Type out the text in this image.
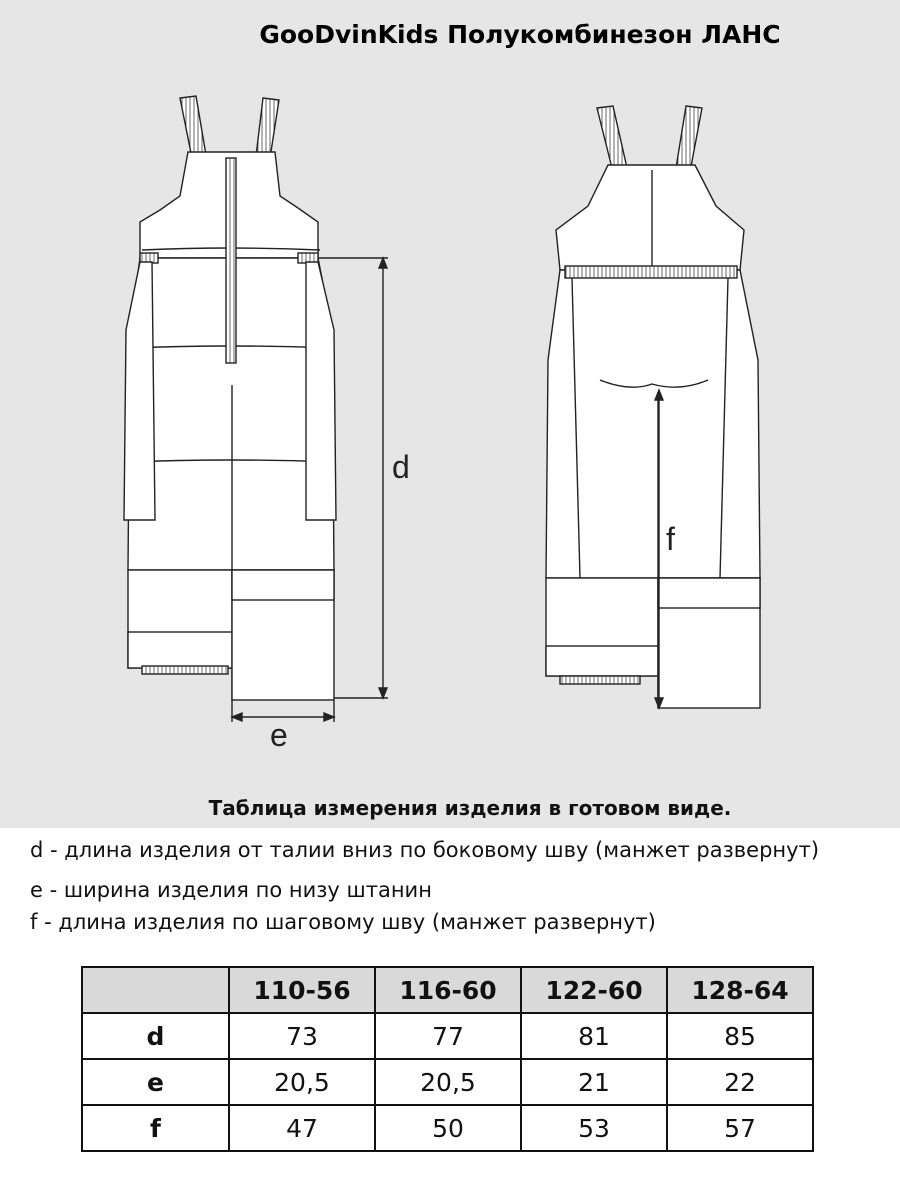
GooDvinKids Полукомбинезон ЛАНС
d
e
f
Таблица измерения изделия в готовом виде.
d - длина изделия от талии вниз по боковому шву (манжет развернут)
e - ширина изделия по низу штанин
f - длина изделия по шаговому шву (манжет развернут)
	110-56	116-60	122-60	128-64
d	73	77	81	85
e	20,5	20,5	21	22
f	47	50	53	57
